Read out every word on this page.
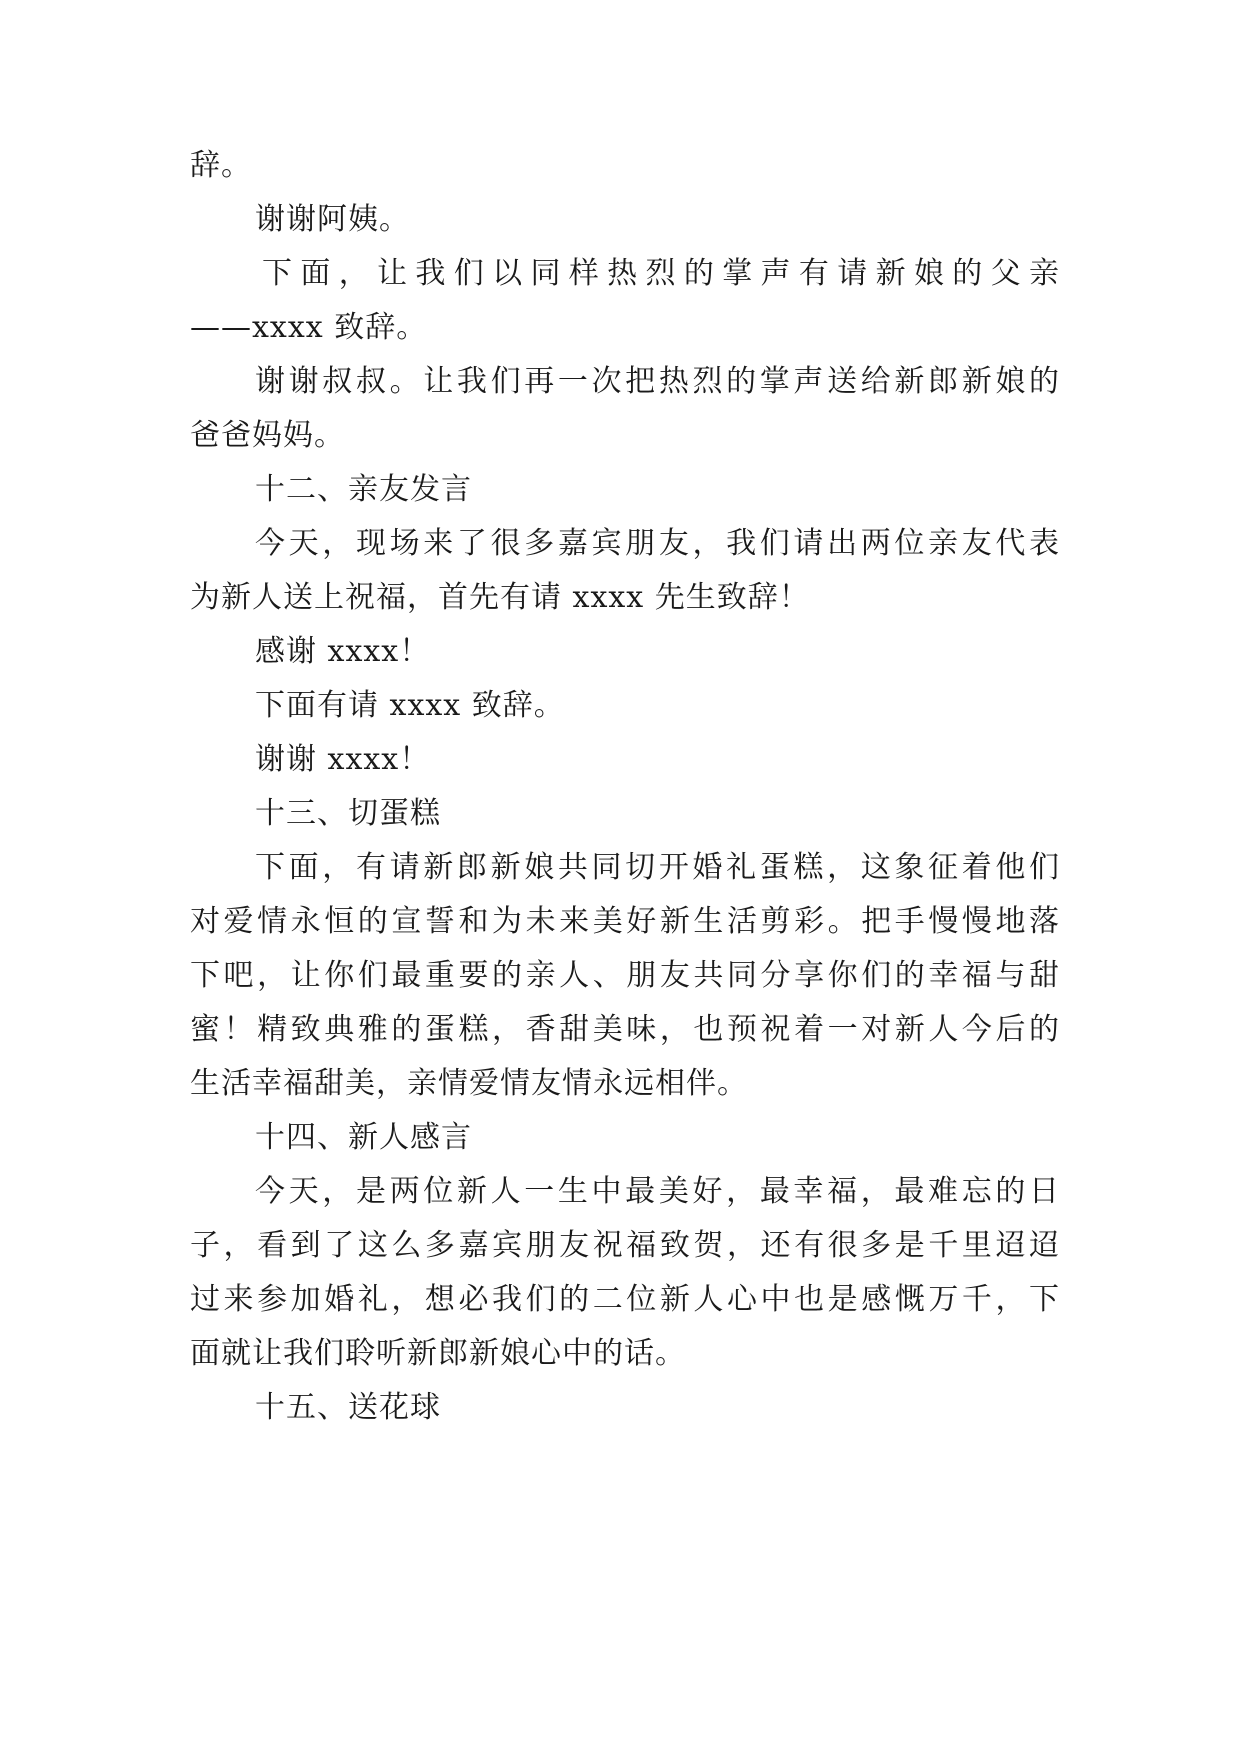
辞。
谢谢阿姨。
下面，让我们以同样热烈的掌声有请新娘的父亲
——xxxx 致辞。
谢谢叔叔。让我们再一次把热烈的掌声送给新郎新娘的
爸爸妈妈。
十二、亲友发言
今天，现场来了很多嘉宾朋友，我们请出两位亲友代表
为新人送上祝福，首先有请 xxxx 先生致辞！
感谢 xxxx！
下面有请 xxxx 致辞。
谢谢 xxxx！
十三、切蛋糕
下面，有请新郎新娘共同切开婚礼蛋糕，这象征着他们
对爱情永恒的宣誓和为未来美好新生活剪彩。把手慢慢地落
下吧，让你们最重要的亲人、朋友共同分享你们的幸福与甜
蜜！精致典雅的蛋糕，香甜美味，也预祝着一对新人今后的
生活幸福甜美，亲情爱情友情永远相伴。
十四、新人感言
今天，是两位新人一生中最美好，最幸福，最难忘的日
子，看到了这么多嘉宾朋友祝福致贺，还有很多是千里迢迢
过来参加婚礼，想必我们的二位新人心中也是感慨万千，下
面就让我们聆听新郎新娘心中的话。
十五、送花球
